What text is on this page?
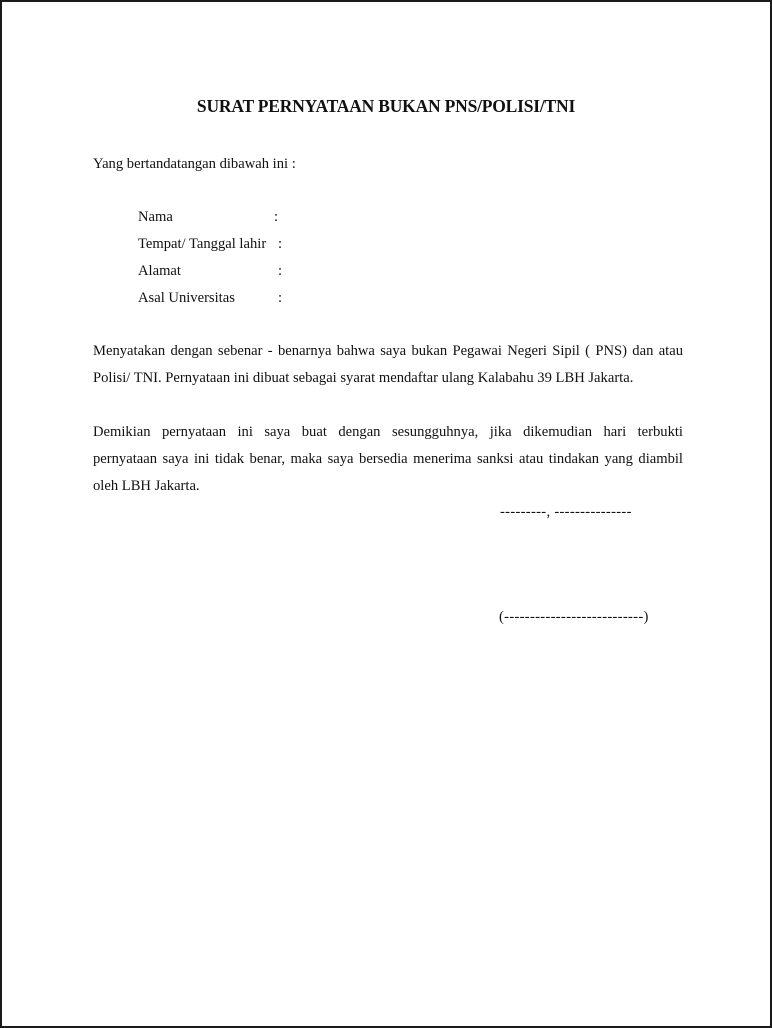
SURAT PERNYATAAN BUKAN PNS/POLISI/TNI
Yang bertandatangan dibawah ini :
Nama	:
Tempat/ Tanggal lahir :
Alamat	:
Asal Universitas	:
Menyatakan dengan sebenar - benarnya bahwa saya bukan Pegawai Negeri Sipil ( PNS) dan atau
Polisi/ TNI. Pernyataan ini dibuat sebagai syarat mendaftar ulang Kalabahu 39 LBH Jakarta.
Demikian pernyataan ini saya buat dengan sesungguhnya, jika dikemudian hari terbukti
pernyataan saya ini tidak benar, maka saya bersedia menerima sanksi atau tindakan yang diambil
oleh LBH Jakarta.
---------, ---------------
(---------------------------)
